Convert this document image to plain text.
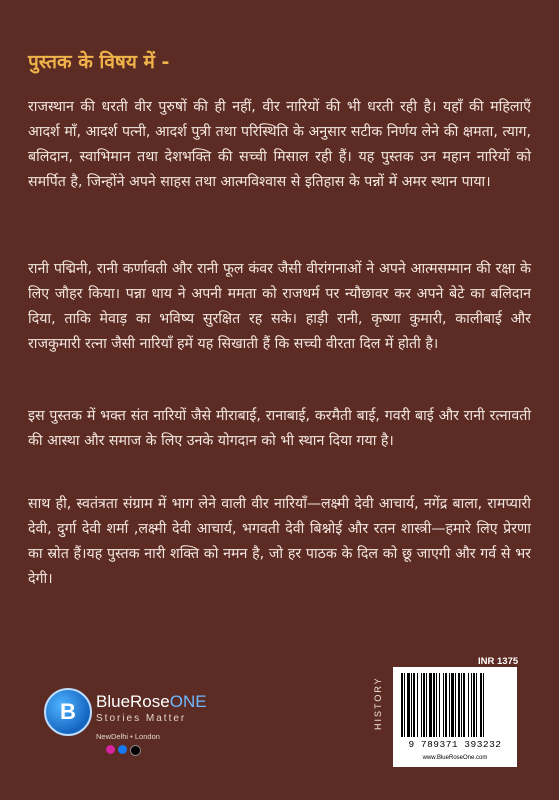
पुस्तक के विषय में -

राजस्थान की धरती वीर पुरुषों की ही नहीं, वीर नारियों की भी धरती रही है। यहाँ की महिलाएँ आदर्श माँ, आदर्श पत्नी, आदर्श पुत्री तथा परिस्थिति के अनुसार सटीक निर्णय लेने की क्षमता, त्याग, बलिदान, स्वाभिमान तथा देशभक्ति की सच्ची मिसाल रही हैं। यह पुस्तक उन महान नारियों को समर्पित है, जिन्होंने अपने साहस तथा आत्मविश्वास से इतिहास के पन्नों में अमर स्थान पाया।

रानी पद्मिनी, रानी कर्णावती और रानी फूल कंवर जैसी वीरांगनाओं ने अपने आत्मसम्मान की रक्षा के लिए जौहर किया। पन्ना धाय ने अपनी ममता को राजधर्म पर न्यौछावर कर अपने बेटे का बलिदान दिया, ताकि मेवाड़ का भविष्य सुरक्षित रह सके। हाड़ी रानी, कृष्णा कुमारी, कालीबाई और राजकुमारी रत्ना जैसी नारियाँ हमें यह सिखाती हैं कि सच्ची वीरता दिल में होती है।

इस पुस्तक में भक्त संत नारियों जैसे मीराबाई, रानाबाई, करमैती बाई, गवरी बाई और रानी रत्नावती की आस्था और समाज के लिए उनके योगदान को भी स्थान दिया गया है।

साथ ही, स्वतंत्रता संग्राम में भाग लेने वाली वीर नारियाँ—लक्ष्मी देवी आचार्य, नगेंद्र बाला, रामप्यारी देवी, दुर्गा देवी शर्मा ,लक्ष्मी देवी आचार्य, भगवती देवी बिश्नोई और रतन शास्त्री—हमारे लिए प्रेरणा का स्रोत हैं।यह पुस्तक नारी शक्ति को नमन है, जो हर पाठक के दिल को छू जाएगी और गर्व से भर देगी।

B	BlueRoseONE
Stories Matter
NewDelhi • London
INR 1375
HISTORY
9 789371 393232
www.BlueRoseOne.com
